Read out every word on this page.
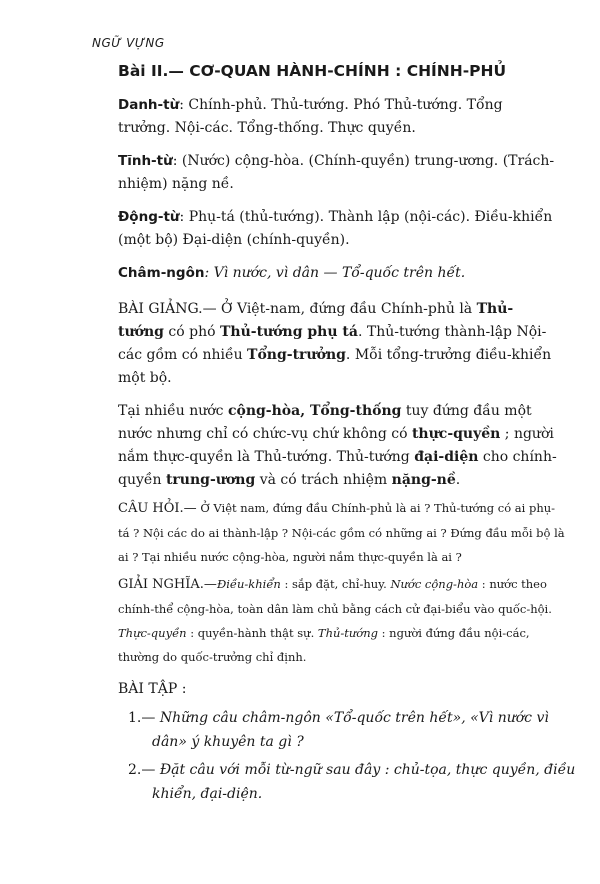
NGỮ VỰNG
Bài II.— CƠ-QUAN HÀNH-CHÍNH : CHÍNH-PHỦ

Danh-từ: Chính-phủ. Thủ-tướng. Phó Thủ-tướng. Tổng trưởng. Nội-các. Tổng-thống. Thực quyền.

Tĩnh-từ: (Nước) cộng-hòa. (Chính-quyền) trung-ương. (Trách-nhiệm) nặng nề.

Động-từ: Phụ-tá (thủ-tướng). Thành lập (nội-các). Điều-khiển (một bộ) Đại-diện (chính-quyền).

Châm-ngôn: Vì nước, vì dân — Tổ-quốc trên hết.

BÀI GIẢNG.— Ở Việt-nam, đứng đầu Chính-phủ là Thủ-tướng có phó Thủ-tướng phụ tá. Thủ-tướng thành-lập Nội-các gồm có nhiều Tổng-trưởng. Mỗi tổng-trưởng điều-khiển một bộ.

Tại nhiều nước cộng-hòa, Tổng-thống tuy đứng đầu một nước nhưng chỉ có chức-vụ chứ không có thực-quyền ; người nắm thực-quyền là Thủ-tướng. Thủ-tướng đại-diện cho chính-quyền trung-ương và có trách nhiệm nặng-nề.

CÂU HỎI.— Ở Việt nam, đứng đầu Chính-phủ là ai ? Thủ-tướng có ai phụ-tá ? Nội các do ai thành-lập ? Nội-các gồm có những ai ? Đứng đầu mỗi bộ là ai ? Tại nhiều nước cộng-hòa, người nắm thực-quyền là ai ?

GIẢI NGHĨA.—Điều-khiển : sắp đặt, chỉ-huy. Nước cộng-hòa : nước theo chính-thể cộng-hòa, toàn dân làm chủ bằng cách cử đại-biểu vào quốc-hội. Thực-quyền : quyền-hành thật sự. Thủ-tướng : người đứng đầu nội-các, thường do quốc-trưởng chỉ định.

BÀI TẬP :

1.— Những câu châm-ngôn «Tổ-quốc trên hết», «Vì nước vì dân» ý khuyên ta gì ?

2.— Đặt câu với mỗi từ-ngữ sau đây : chủ-tọa, thực quyền, điều khiển, đại-diện.
